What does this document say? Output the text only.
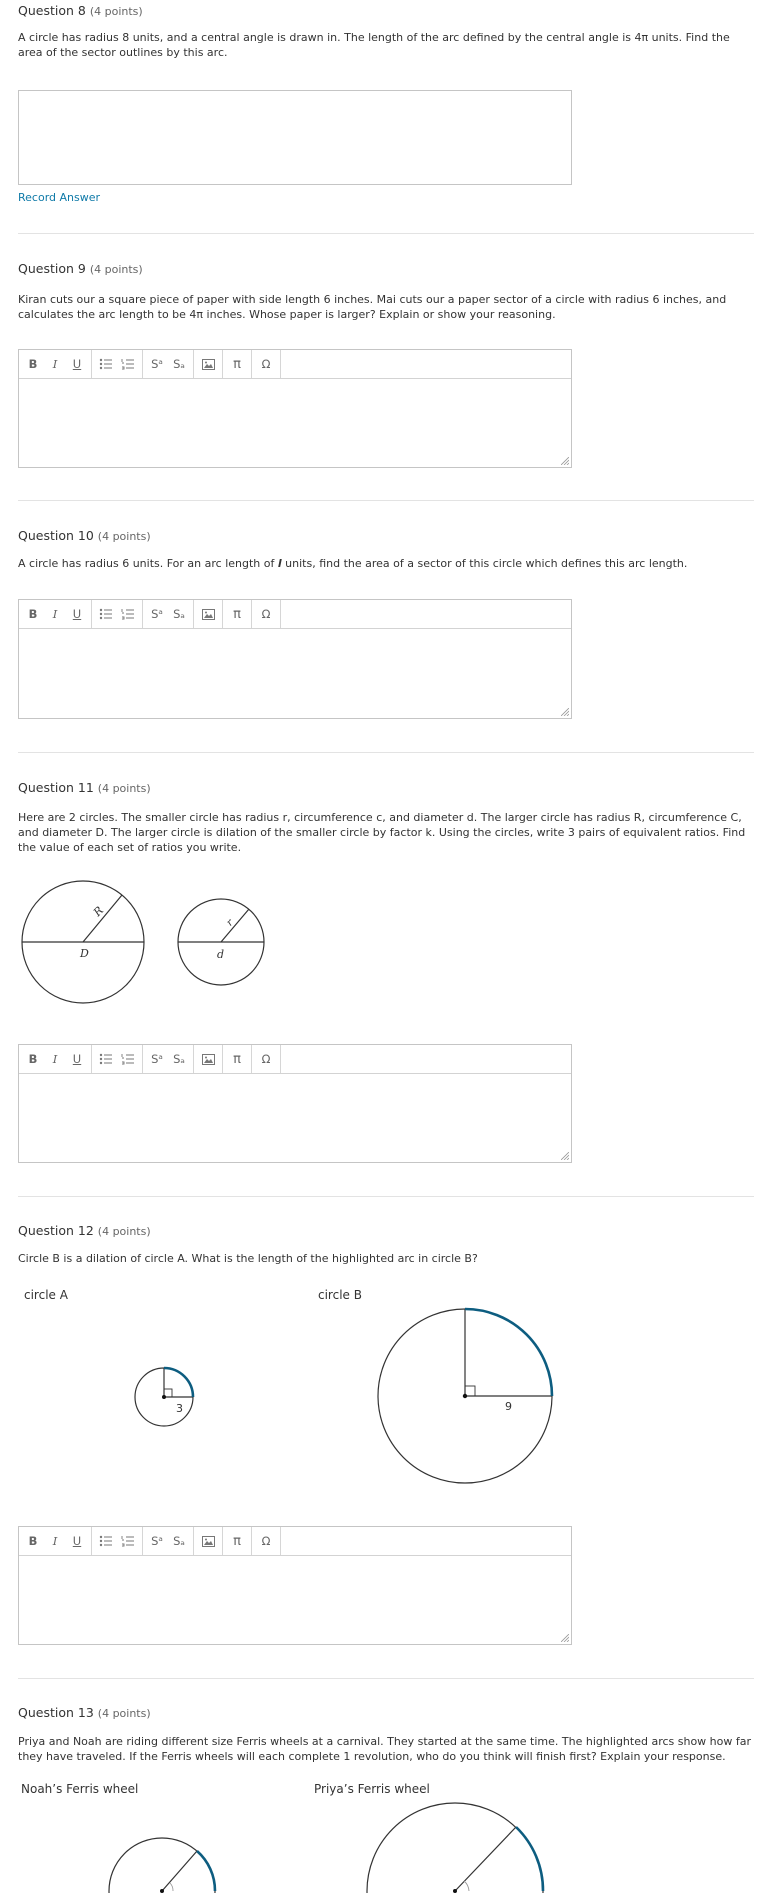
Question 8 (4 points)

A circle has radius 8 units, and a central angle is drawn in. The length of the arc defined by the central angle is 4π units. Find the area of the sector outlines by this arc.
Record Answer

Question 9 (4 points)

Kiran cuts our a square piece of paper with side length 6 inches. Mai cuts our a paper sector of a circle with radius 6 inches, and calculates the arc length to be 4π inches. Whose paper is larger? Explain or show your reasoning.
B	I	U	Sᵃ Sₐ	π	Ω

Question 10 (4 points)

A circle has radius 6 units. For an arc length of l units, find the area of a sector of this circle which defines this arc length.
B	I	U	Sᵃ Sₐ	π	Ω

Question 11 (4 points)

Here are 2 circles. The smaller circle has radius r, circumference c, and diameter d. The larger circle has radius R, circumference C, and diameter D. The larger circle is dilation of the smaller circle by factor k. Using the circles, write 3 pairs of equivalent ratios. Find the value of each set of ratios you write.
R
D
r
d
B	I	U	Sᵃ Sₐ	π	Ω

Question 12 (4 points)

Circle B is a dilation of circle A. What is the length of the highlighted arc in circle B?
circle A	circle B
3	9
B	I	U	Sᵃ Sₐ	π	Ω

Question 13 (4 points)

Priya and Noah are riding different size Ferris wheels at a carnival. They started at the same time. The highlighted arcs show how far they have traveled. If the Ferris wheels will each complete 1 revolution, who do you think will finish first? Explain your response.
Noah’s Ferris wheel	Priya’s Ferris wheel
